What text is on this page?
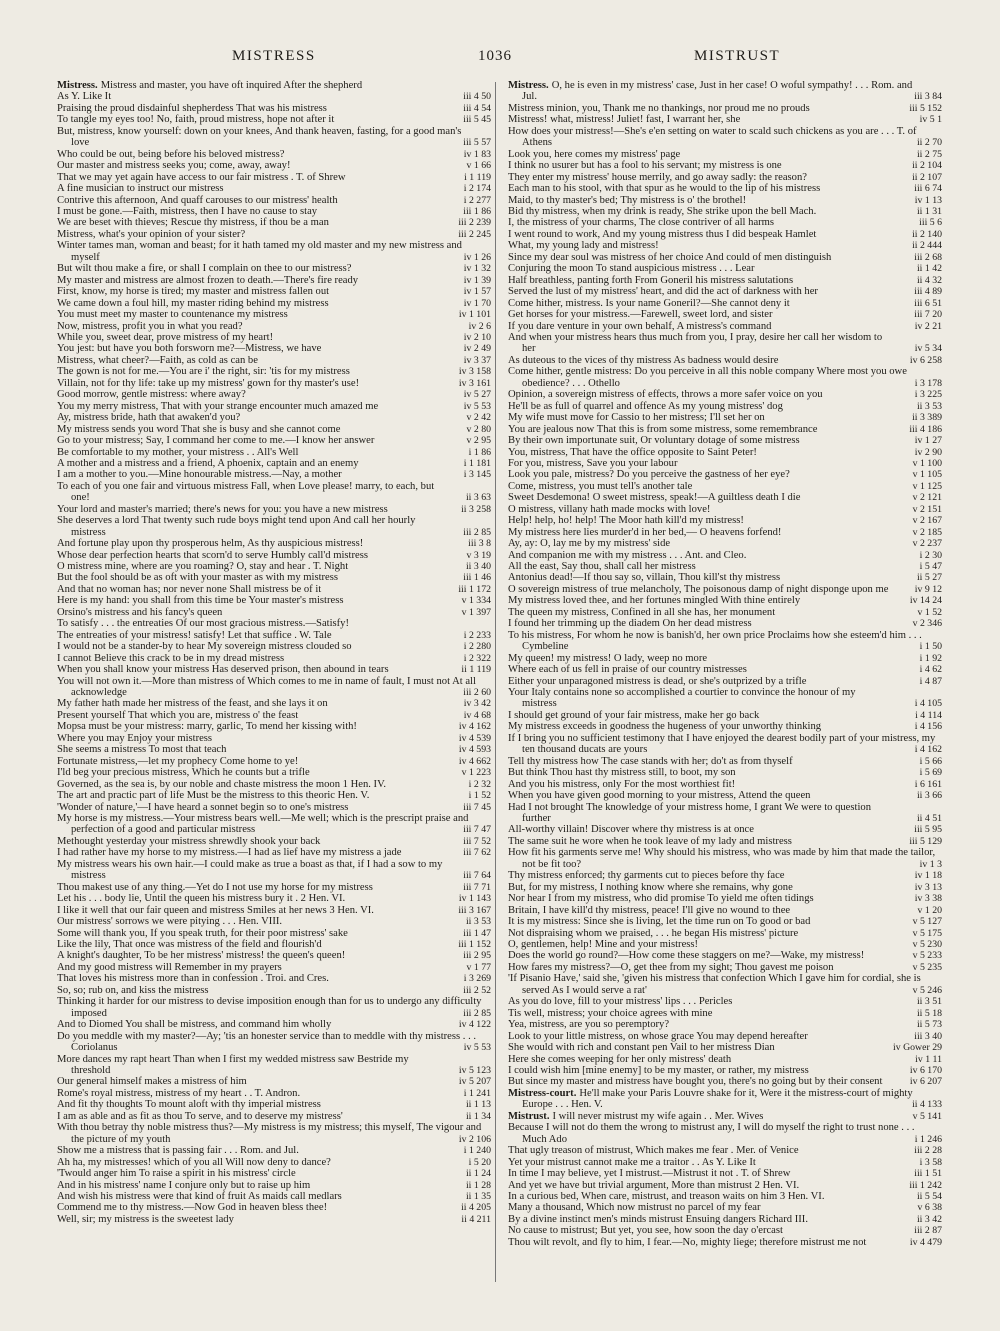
MISTRESS	1036	MISTRUST
Mistress. Mistress and master, you have oft inquired After the shepherd
As Y. Like It	iii 4 50
Praising the proud disdainful shepherdess That was his mistress	iii 4 54
To tangle my eyes too! No, faith, proud mistress, hope not after it	iii 5 45
But, mistress, know yourself: down on your knees, And thank heaven, fasting, for a good man's love	iii 5 57
Who could be out, being before his beloved mistress?	iv 1 83
Our master and mistress seeks you; come, away, away!	v 1 66
That we may yet again have access to our fair mistress . T. of Shrew	i 1 119
A fine musician to instruct our mistress	i 2 174
Contrive this afternoon, And quaff carouses to our mistress' health	i 2 277
I must be gone.—Faith, mistress, then I have no cause to stay	iii 1 86
We are beset with thieves; Rescue thy mistress, if thou be a man	iii 2 239
Mistress, what's your opinion of your sister?	iii 2 245
Winter tames man, woman and beast; for it hath tamed my old master and my new mistress and myself	iv 1 26
But wilt thou make a fire, or shall I complain on thee to our mistress?	iv 1 32
My master and mistress are almost frozen to death.—There's fire ready	iv 1 39
First, know, my horse is tired; my master and mistress fallen out	iv 1 57
We came down a foul hill, my master riding behind my mistress	iv 1 70
You must meet my master to countenance my mistress	iv 1 101
Now, mistress, profit you in what you read?	iv 2 6
While you, sweet dear, prove mistress of my heart!	iv 2 10
You jest: but have you both forsworn me?—Mistress, we have	iv 2 49
Mistress, what cheer?—Faith, as cold as can be	iv 3 37
The gown is not for me.—You are i' the right, sir: 'tis for my mistress	iv 3 158
Villain, not for thy life: take up my mistress' gown for thy master's use!	iv 3 161
Good morrow, gentle mistress: where away?	iv 5 27
You my merry mistress, That with your strange encounter much amazed me	iv 5 53
Ay, mistress bride, hath that awaken'd you?	v 2 42
My mistress sends you word That she is busy and she cannot come	v 2 80
Go to your mistress; Say, I command her come to me.—I know her answer	v 2 95
Be comfortable to my mother, your mistress . . All's Well	i 1 86
A mother and a mistress and a friend, A phoenix, captain and an enemy	i 1 181
I am a mother to you.—Mine honourable mistress.—Nay, a mother	i 3 145
To each of you one fair and virtuous mistress Fall, when Love please! marry, to each, but one!	ii 3 63
Your lord and master's married; there's news for you: you have a new mistress	ii 3 258
She deserves a lord That twenty such rude boys might tend upon And call her hourly mistress	iii 2 85
And fortune play upon thy prosperous helm, As thy auspicious mistress!	iii 3 8
Whose dear perfection hearts that scorn'd to serve Humbly call'd mistress	v 3 19
O mistress mine, where are you roaming? O, stay and hear . T. Night	ii 3 40
But the fool should be as oft with your master as with my mistress	iii 1 46
And that no woman has; nor never none Shall mistress be of it	iii 1 172
Here is my hand: you shall from this time be Your master's mistress	v 1 334
Orsino's mistress and his fancy's queen	v 1 397
To satisfy . . . the entreaties Of our most gracious mistress.—Satisfy!
The entreaties of your mistress! satisfy! Let that suffice . W. Tale	i 2 233
I would not be a stander-by to hear My sovereign mistress clouded so	i 2 280
I cannot Believe this crack to be in my dread mistress	i 2 322
When you shall know your mistress Has deserved prison, then abound in tears	ii 1 119
You will not own it.—More than mistress of Which comes to me in name of fault, I must not At all acknowledge	iii 2 60
My father hath made her mistress of the feast, and she lays it on	iv 3 42
Present yourself That which you are, mistress o' the feast	iv 4 68
Mopsa must be your mistress: marry, garlic, To mend her kissing with!	iv 4 162
Where you may Enjoy your mistress	iv 4 539
She seems a mistress To most that teach	iv 4 593
Fortunate mistress,—let my prophecy Come home to ye!	iv 4 662
I'ld beg your precious mistress, Which he counts but a trifle	v 1 223
Governed, as the sea is, by our noble and chaste mistress the moon 1 Hen. IV.	i 2 32
The art and practic part of life Must be the mistress to this theoric Hen. V.	i 1 52
'Wonder of nature,'—I have heard a sonnet begin so to one's mistress	iii 7 45
My horse is my mistress.—Your mistress bears well.—Me well; which is the prescript praise and perfection of a good and particular mistress	iii 7 47
Methought yesterday your mistress shrewdly shook your back	iii 7 52
I had rather have my horse to my mistress.—I had as lief have my mistress a jade	iii 7 62
My mistress wears his own hair.—I could make as true a boast as that, if I had a sow to my mistress	iii 7 64
Thou makest use of any thing.—Yet do I not use my horse for my mistress	iii 7 71
Let his . . . body lie, Until the queen his mistress bury it . 2 Hen. VI.	iv 1 143
I like it well that our fair queen and mistress Smiles at her news 3 Hen. VI.	iii 3 167
Our mistress' sorrows we were pitying . . . Hen. VIII.	ii 3 53
Some will thank you, If you speak truth, for their poor mistress' sake	iii 1 47
Like the lily, That once was mistress of the field and flourish'd	iii 1 152
A knight's daughter, To be her mistress' mistress! the queen's queen!	iii 2 95
And my good mistress will Remember in my prayers	v 1 77
That loves his mistress more than in confession . Troi. and Cres.	i 3 269
So, so; rub on, and kiss the mistress	iii 2 52
Thinking it harder for our mistress to devise imposition enough than for us to undergo any difficulty imposed	iii 2 85
And to Diomed You shall be mistress, and command him wholly	iv 4 122
Do you meddle with my master?—Ay; 'tis an honester service than to meddle with thy mistress . . . Coriolanus	iv 5 53
More dances my rapt heart Than when I first my wedded mistress saw Bestride my threshold	iv 5 123
Our general himself makes a mistress of him	iv 5 207
Rome's royal mistress, mistress of my heart . . T. Andron.	i 1 241
And fit thy thoughts To mount aloft with thy imperial mistress	ii 1 13
I am as able and as fit as thou To serve, and to deserve my mistress'	ii 1 34
With thou betray thy noble mistress thus?—My mistress is my mistress; this myself, The vigour and the picture of my youth	iv 2 106
Show me a mistress that is passing fair . . . Rom. and Jul.	i 1 240
Ah ha, my mistresses! which of you all Will now deny to dance?	i 5 20
'Twould anger him To raise a spirit in his mistress' circle	ii 1 24
And in his mistress' name I conjure only but to raise up him	ii 1 28
And wish his mistress were that kind of fruit As maids call medlars	ii 1 35
Commend me to thy mistress.—Now God in heaven bless thee!	ii 4 205
Well, sir; my mistress is the sweetest lady	ii 4 211
Mistress. O, he is even in my mistress' case, Just in her case! O woful sympathy! . . . Rom. and Jul.	iii 3 84
Mistress minion, you, Thank me no thankings, nor proud me no prouds	iii 5 152
Mistress! what, mistress! Juliet! fast, I warrant her, she	iv 5 1
How does your mistress!—She's e'en setting on water to scald such chickens as you are . . . T. of Athens	ii 2 70
Look you, here comes my mistress' page	ii 2 75
I think no usurer but has a fool to his servant; my mistress is one	ii 2 104
They enter my mistress' house merrily, and go away sadly: the reason?	ii 2 107
Each man to his stool, with that spur as he would to the lip of his mistress	iii 6 74
Maid, to thy master's bed; Thy mistress is o' the brothel!	iv 1 13
Bid thy mistress, when my drink is ready, She strike upon the bell Mach.	ii 1 31
I, the mistress of your charms, The close contriver of all harms	iii 5 6
I went round to work, And my young mistress thus I did bespeak Hamlet	ii 2 140
What, my young lady and mistress!	ii 2 444
Since my dear soul was mistress of her choice And could of men distinguish	iii 2 68
Conjuring the moon To stand auspicious mistress . . . Lear	ii 1 42
Half breathless, panting forth From Goneril his mistress salutations	ii 4 32
Served the lust of my mistress' heart, and did the act of darkness with her	iii 4 89
Come hither, mistress. Is your name Goneril?—She cannot deny it	iii 6 51
Get horses for your mistress.—Farewell, sweet lord, and sister	iii 7 20
If you dare venture in your own behalf, A mistress's command	iv 2 21
And when your mistress hears thus much from you, I pray, desire her call her wisdom to her	iv 5 34
As duteous to the vices of thy mistress As badness would desire	iv 6 258
Come hither, gentle mistress: Do you perceive in all this noble company Where most you owe obedience? . . . Othello	i 3 178
Opinion, a sovereign mistress of effects, throws a more safer voice on you	i 3 225
He'll be as full of quarrel and offence As my young mistress' dog	ii 3 53
My wife must move for Cassio to her mistress; I'll set her on	ii 3 389
You are jealous now That this is from some mistress, some remembrance	iii 4 186
By their own importunate suit, Or voluntary dotage of some mistress	iv 1 27
You, mistress, That have the office opposite to Saint Peter!	iv 2 90
For you, mistress, Save you your labour	v 1 100
Look you pale, mistress? Do you perceive the gastness of her eye?	v 1 105
Come, mistress, you must tell's another tale	v 1 125
Sweet Desdemona! O sweet mistress, speak!—A guiltless death I die	v 2 121
O mistress, villany hath made mocks with love!	v 2 151
Help! help, ho! help! The Moor hath kill'd my mistress!	v 2 167
My mistress here lies murder'd in her bed,— O heavens forfend!	v 2 185
Ay, ay: O, lay me by my mistress' side	v 2 237
And companion me with my mistress . . . Ant. and Cleo.	i 2 30
All the east, Say thou, shall call her mistress	i 5 47
Antonius dead!—If thou say so, villain, Thou kill'st thy mistress	ii 5 27
O sovereign mistress of true melancholy, The poisonous damp of night disponge upon me	iv 9 12
My mistress loved thee, and her fortunes mingled With thine entirely	iv 14 24
The queen my mistress, Confined in all she has, her monument	v 1 52
I found her trimming up the diadem On her dead mistress	v 2 346
To his mistress, For whom he now is banish'd, her own price Proclaims how she esteem'd him . . . Cymbeline	i 1 50
My queen! my mistress! O lady, weep no more	i 1 92
Where each of us fell in praise of our country mistresses	i 4 62
Either your unparagoned mistress is dead, or she's outprized by a trifle	i 4 87
Your Italy contains none so accomplished a courtier to convince the honour of my mistress	i 4 105
I should get ground of your fair mistress, make her go back	i 4 114
My mistress exceeds in goodness the hugeness of your unworthy thinking	i 4 156
If I bring you no sufficient testimony that I have enjoyed the dearest bodily part of your mistress, my ten thousand ducats are yours	i 4 162
Tell thy mistress how The case stands with her; do't as from thyself	i 5 66
But think Thou hast thy mistress still, to boot, my son	i 5 69
And you his mistress, only For the most worthiest fit!	i 6 161
When you have given good morning to your mistress, Attend the queen	ii 3 66
Had I not brought The knowledge of your mistress home, I grant We were to question further	ii 4 51
All-worthy villain! Discover where thy mistress is at once	iii 5 95
The same suit he wore when he took leave of my lady and mistress	iii 5 129
How fit his garments serve me! Why should his mistress, who was made by him that made the tailor, not be fit too?	iv 1 3
Thy mistress enforced; thy garments cut to pieces before thy face	iv 1 18
But, for my mistress, I nothing know where she remains, why gone	iv 3 13
Nor hear I from my mistress, who did promise To yield me often tidings	iv 3 38
Britain, I have kill'd thy mistress, peace! I'll give no wound to thee	v 1 20
It is my mistress: Since she is living, let the time run on To good or bad	v 5 127
Not dispraising whom we praised, . . . he began His mistress' picture	v 5 175
O, gentlemen, help! Mine and your mistress!	v 5 230
Does the world go round?—How come these staggers on me?—Wake, my mistress!	v 5 233
How fares my mistress?—O, get thee from my sight; Thou gavest me poison	v 5 235
'If Pisanio Have,' said she, 'given his mistress that confection Which I gave him for cordial, she is served As I would serve a rat'	v 5 246
As you do love, fill to your mistress' lips . . . Pericles	ii 3 51
Tis well, mistress; your choice agrees with mine	ii 5 18
Yea, mistress, are you so peremptory?	ii 5 73
Look to your little mistress, on whose grace You may depend hereafter	iii 3 40
She would with rich and constant pen Vail to her mistress Dian	iv Gower 29
Here she comes weeping for her only mistress' death	iv 1 11
I could wish him [mine enemy] to be my master, or rather, my mistress	iv 6 170
But since my master and mistress have bought you, there's no going but by their consent	iv 6 207
Mistress-court. He'll make your Paris Louvre shake for it, Were it the mistress-court of mighty Europe . . . Hen. V.	ii 4 133
Mistrust. I will never mistrust my wife again . . Mer. Wives	v 5 141
Because I will not do them the wrong to mistrust any, I will do myself the right to trust none . . . Much Ado	i 1 246
That ugly treason of mistrust, Which makes me fear . Mer. of Venice	iii 2 28
Yet your mistrust cannot make me a traitor . . As Y. Like It	i 3 58
In time I may believe, yet I mistrust.—Mistrust it not . T. of Shrew	iii 1 51
And yet we have but trivial argument, More than mistrust 2 Hen. VI.	iii 1 242
In a curious bed, When care, mistrust, and treason waits on him 3 Hen. VI.	ii 5 54
Many a thousand, Which now mistrust no parcel of my fear	v 6 38
By a divine instinct men's minds mistrust Ensuing dangers Richard III.	ii 3 42
No cause to mistrust; But yet, you see, how soon the day o'ercast	iii 2 87
Thou wilt revolt, and fly to him, I fear.—No, mighty liege; therefore mistrust me not	iv 4 479
